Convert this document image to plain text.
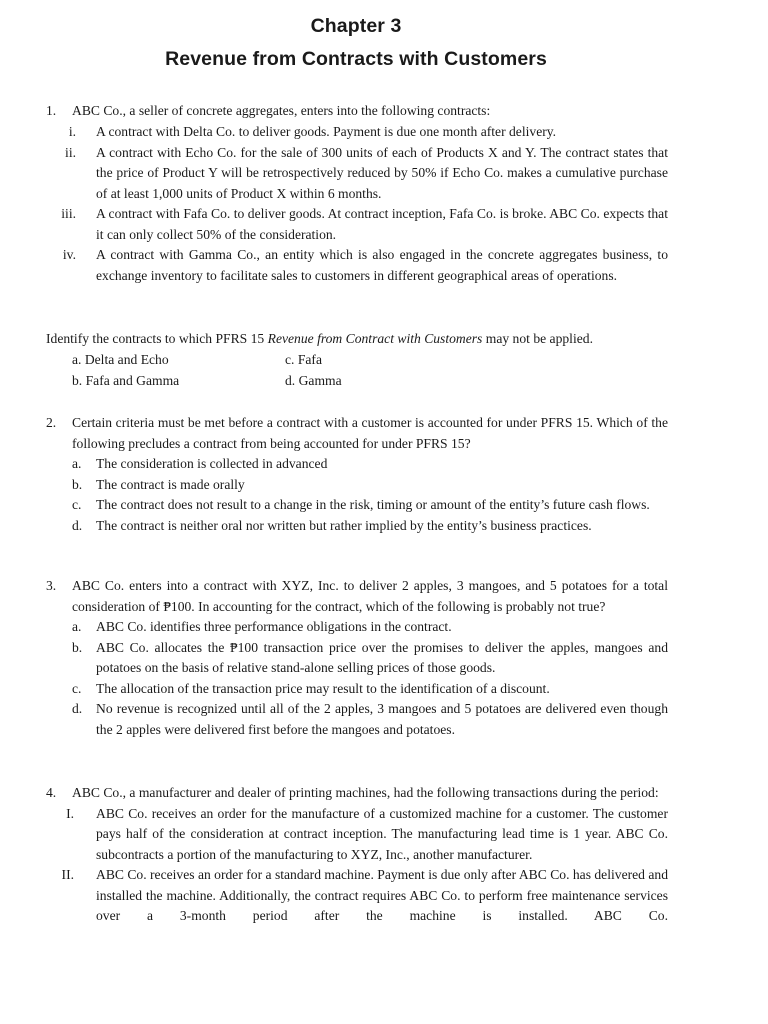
Chapter 3
Revenue from Contracts with Customers
1.	ABC Co., a seller of concrete aggregates, enters into the following contracts:
i. A contract with Delta Co. to deliver goods. Payment is due one month after delivery.
ii. A contract with Echo Co. for the sale of 300 units of each of Products X and Y. The contract states that the price of Product Y will be retrospectively reduced by 50% if Echo Co. makes a cumulative purchase of at least 1,000 units of Product X within 6 months.
iii. A contract with Fafa Co. to deliver goods. At contract inception, Fafa Co. is broke. ABC Co. expects that it can only collect 50% of the consideration.
iv. A contract with Gamma Co., an entity which is also engaged in the concrete aggregates business, to exchange inventory to facilitate sales to customers in different geographical areas of operations.
Identify the contracts to which PFRS 15 Revenue from Contract with Customers may not be applied.
a. Delta and Echo	c. Fafa
b. Fafa and Gamma	d. Gamma
2.	Certain criteria must be met before a contract with a customer is accounted for under PFRS 15. Which of the following precludes a contract from being accounted for under PFRS 15?
a.	The consideration is collected in advanced
b. The contract is made orally
c.	The contract does not result to a change in the risk, timing or amount of the entity’s future cash flows.
d. The contract is neither oral nor written but rather implied by the entity’s business practices.
3.	ABC Co. enters into a contract with XYZ, Inc. to deliver 2 apples, 3 mangoes, and 5 potatoes for a total consideration of ₱100. In accounting for the contract, which of the following is probably not true?
a.	ABC Co. identifies three performance obligations in the contract.
b. ABC Co. allocates the ₱100 transaction price over the promises to deliver the apples, mangoes and potatoes on the basis of relative stand-alone selling prices of those goods.
c.	The allocation of the transaction price may result to the identification of a discount.
d. No revenue is recognized until all of the 2 apples, 3 mangoes and 5 potatoes are delivered even though the 2 apples were delivered first before the mangoes and potatoes.
4.	ABC Co., a manufacturer and dealer of printing machines, had the following transactions during the period:
I. ABC Co. receives an order for the manufacture of a customized machine for a customer. The customer pays half of the consideration at contract inception. The manufacturing lead time is 1 year. ABC Co. subcontracts a portion of the manufacturing to XYZ, Inc., another manufacturer.
II. ABC Co. receives an order for a standard machine. Payment is due only after ABC Co. has delivered and installed the machine. Additionally, the contract requires ABC Co. to perform free maintenance services over a 3-month period after the machine is installed. ABC Co.
